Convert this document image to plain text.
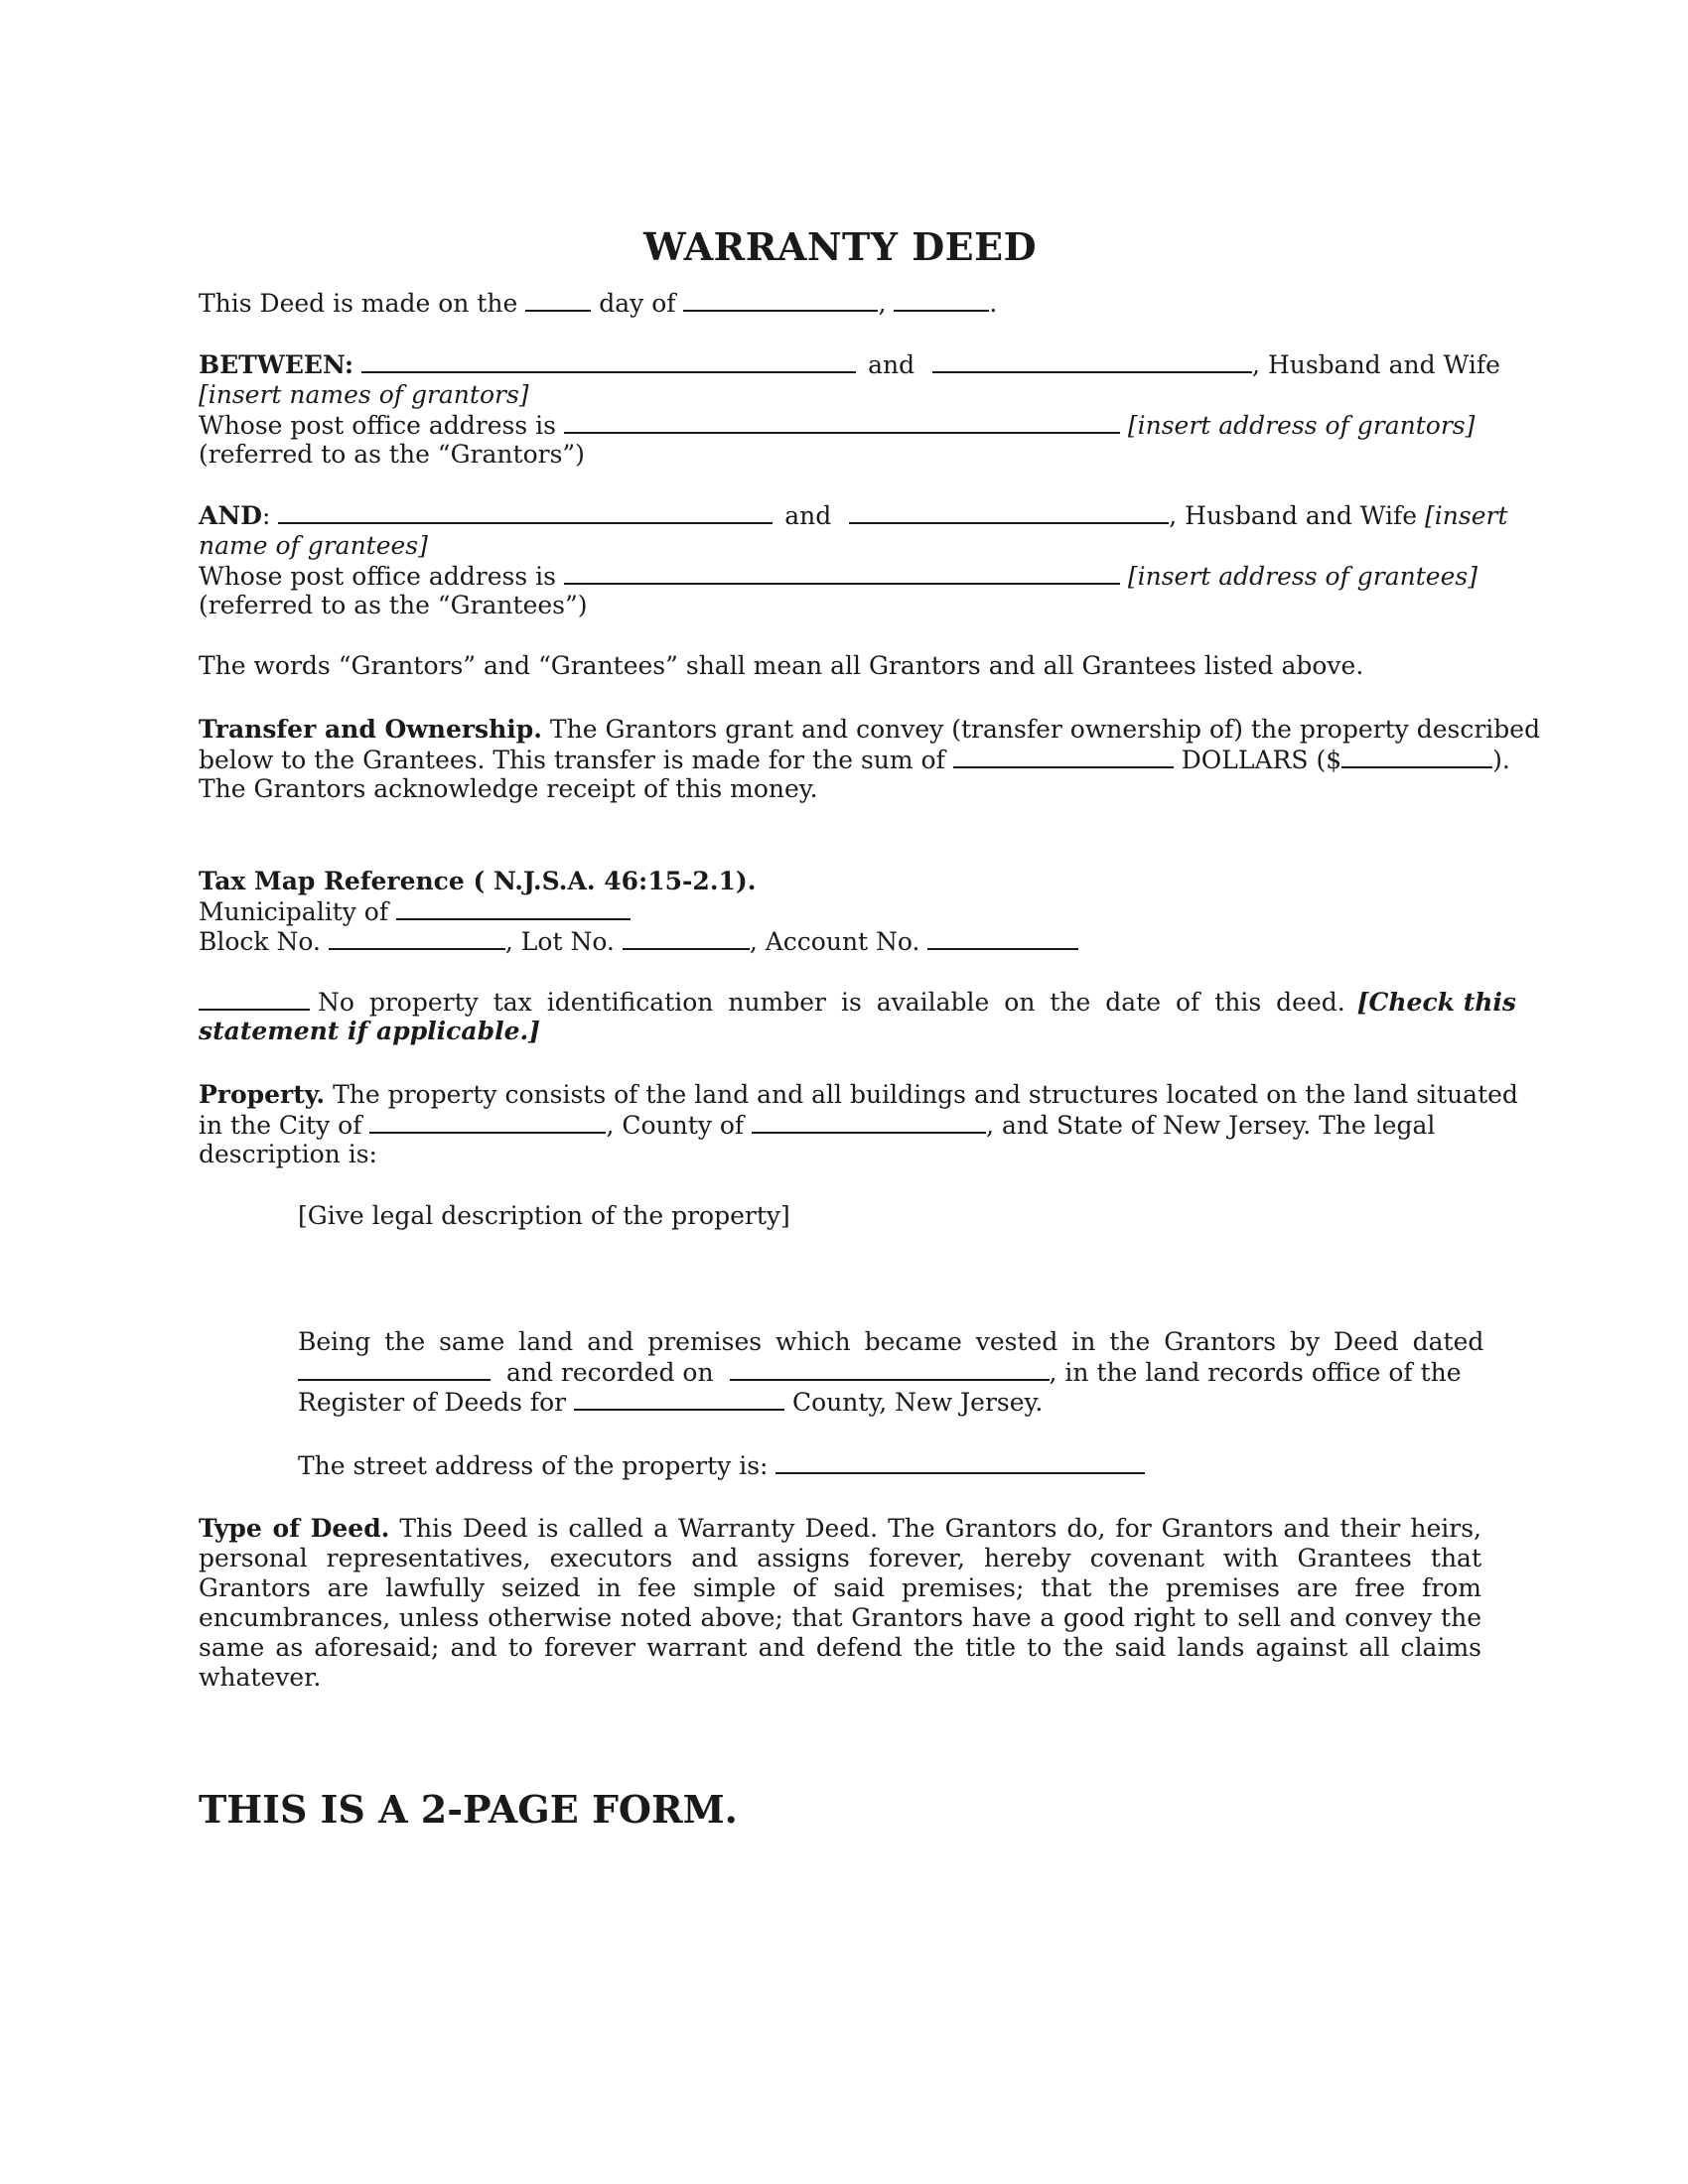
WARRANTY DEED
This Deed is made on the	day of	,	.
BETWEEN:	and	, Husband and Wife
[insert names of grantors]
Whose post office address is	[insert address of grantors]
(referred to as the “Grantors”)
AND:	and	, Husband and Wife [insert
name of grantees]
Whose post office address is	[insert address of grantees]
(referred to as the “Grantees”)
The words “Grantors” and “Grantees” shall mean all Grantors and all Grantees listed above.
Transfer and Ownership. The Grantors grant and convey (transfer ownership of) the property described
below to the Grantees. This transfer is made for the sum of	DOLLARS ($	).
The Grantors acknowledge receipt of this money.
Tax Map Reference ( N.J.S.A. 46:15-2.1).
Municipality of
Block No.	, Lot No.	, Account No.
No property tax identification number is available on the date of this deed. [Check this
statement if applicable.]
Property. The property consists of the land and all buildings and structures located on the land situated
in the City of	, County of	, and State of New Jersey. The legal
description is:
[Give legal description of the property]
Being the same land and premises which became vested in the Grantors by Deed dated
and recorded on	, in the land records office of the
Register of Deeds for	County, New Jersey.
The street address of the property is:
Type of Deed. This Deed is called a Warranty Deed. The Grantors do, for Grantors and their heirs, personal representatives, executors and assigns forever, hereby covenant with Grantees that Grantors are lawfully seized in fee simple of said premises; that the premises are free from encumbrances, unless otherwise noted above; that Grantors have a good right to sell and convey the same as aforesaid; and to forever warrant and defend the title to the said lands against all claims whatever.
THIS IS A 2-PAGE FORM.
